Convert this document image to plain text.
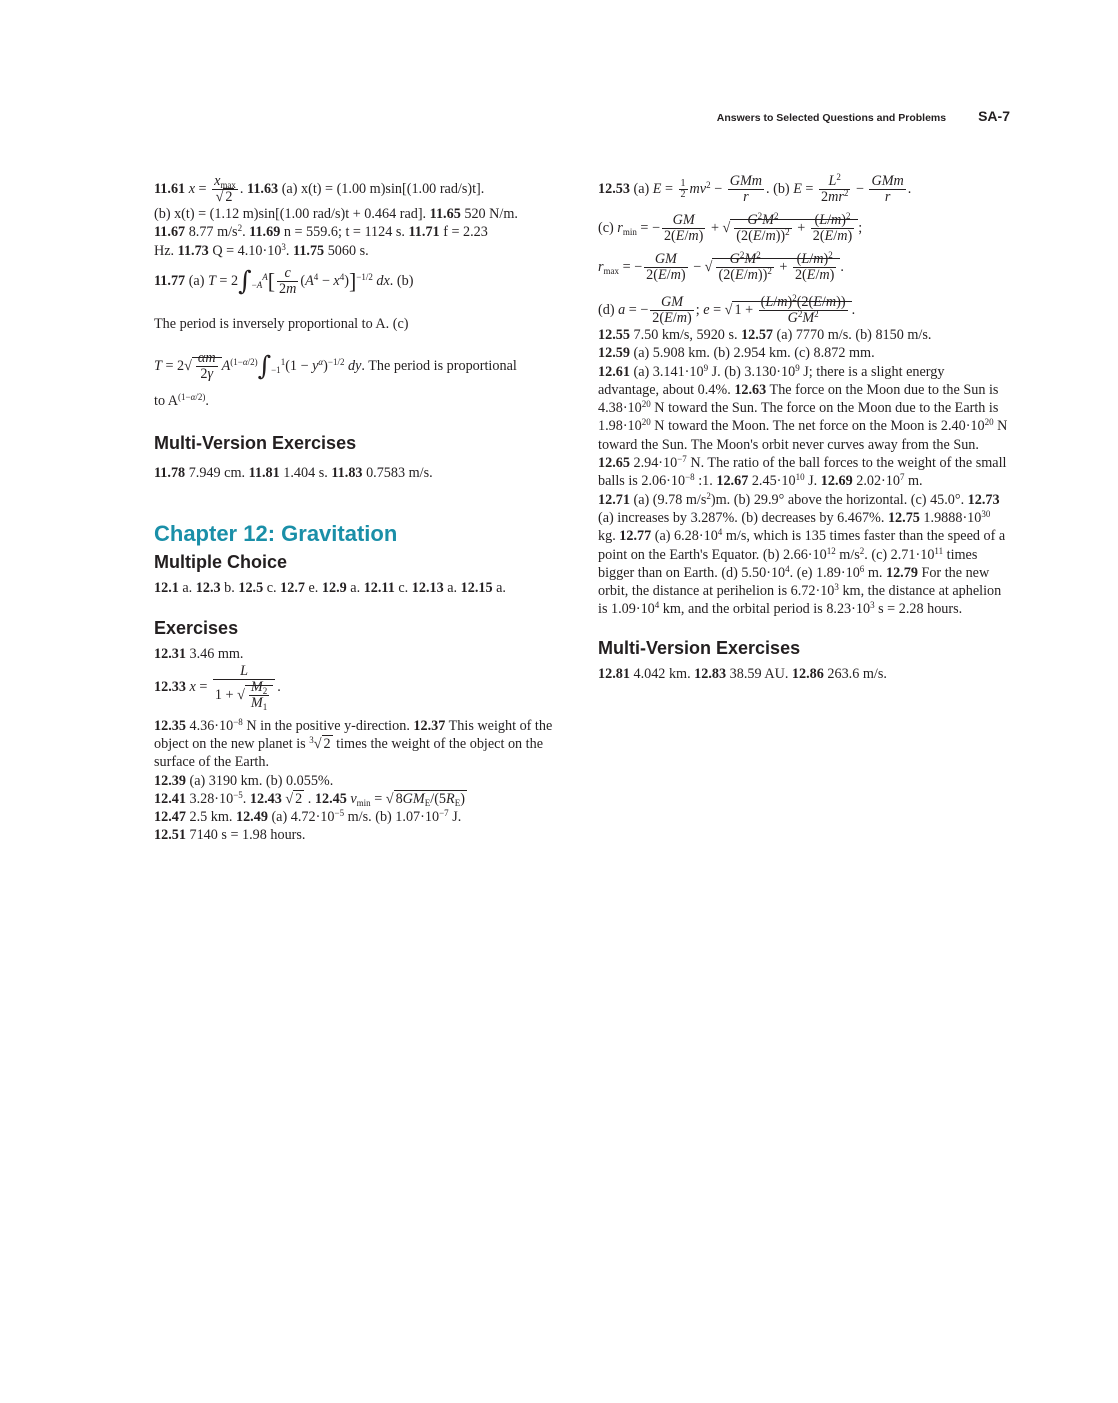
Answers to Selected Questions and Problems SA-7
11.61 $x = \frac{x_{max}}{√ 2}$ . 11.63 (a) x(t) = (1.00 m)sin[(1.00 rad/s)t].
(b) x(t) = (1.12 m)sin[(1.00 rad/s)t + 0.464 rad]. 11.65 520 N/m.
11.67 8.77 $m/s^2$. 11.69 n = 559.6; t = 1124 s. 11.71 f = 2.23
Hz. 11.73 $Q = 4.10\cdot 10^3$. 11.75 5060 s.
11.77 (a) $T = 2\int_{-A}^A[ \frac{c}{2m} (A^4 - x^4)]^{-1/2}$ dx. (b)
The period is inversely proportional to A. (c)
$T = 2√ \frac{\alpha m}{2\gamma} A^{(1-\alpha/2)}\int_{-1}^1(1 - y^\alpha)^{-1/2}$ dy. The period is proportional
to $A^{(1-\alpha/2)}$.
Multi-Version Exercises
11.78 7.949 cm. 11.81 1.404 s. 11.83 0.7583 m/s.
Chapter 12: Gravitation
Multiple Choice
12.1 a. 12.3 b. 12.5 c. 12.7 e. 12.9 a. 12.11 c. 12.13 a. 12.15 a.
Exercises
12.31 3.46 mm.
12.33 $x = \frac{L}{1 + √ \frac{M_2}{M_1}}$ .
12.35 $4.36\cdot 10^{-8}$ N in the positive y-direction. 12.37 This weight of the object on the new planet is $^3$√ 2 times the weight of the object on the surface of the Earth.
12.39 (a) 3190 km. (b) 0.055%.
12.41 $3.28\cdot 10^{-5}$. 12.43 √ 2 . 12.45 $v_{min}$ = √ $8GM_E/(5R_E)$
12.47 2.5 km. 12.49 (a) $4.72\cdot 10^{-5}$ m/s. (b) $1.07\cdot 10^{-7}$ J.
12.51 7140 s = 1.98 hours.
12.53 (a) $E = \frac{1}{2} mv^2 - \frac{\text{GMm}}{r}$ . (b) $E = \frac{L^2}{2mr^2} - \frac{\text{GMm}}{r}$ .
(c) $r_{min}$ = − $\frac{GM}{2(E/m)}$ + √ $\frac{G^2M^2}{(2(E/m))^2} + \frac{(L/m)^2}{2(E/m)}$ ;
$r_{max}$ = − $\frac{GM}{2(E/m)}$ − √ $\frac{G^2M^2}{(2(E/m))^2} + \frac{(L/m)^2}{2(E/m)}$ .
(d) a = − $\frac{GM}{2(E/m)}$ ; e = √ $1 + \frac{(L/m)^2(2(E/m))}{G^2M^2}$ .
12.55 7.50 km/s, 5920 s. 12.57 (a) 7770 m/s. (b) 8150 m/s.
12.59 (a) 5.908 km. (b) 2.954 km. (c) 8.872 mm.
12.61 (a) $3.141\cdot 10^9$ J. (b) $3.130\cdot 10^9$ J; there is a slight energy advantage, about 0.4%. 12.63 The force on the Moon due to the Sun is $4.38\cdot 10^{20}$ N toward the Sun. The force on the Moon due to the Earth is $1.98\cdot 10^{20}$ N toward the Moon. The net force on the Moon is $2.40\cdot 10^{20}$ N toward the Sun. The Moon's orbit never curves away from the Sun. 12.65 $2.94\cdot 10^{-7}$ N. The ratio of the ball forces to the weight of the small balls is $2.06\cdot 10^{-8}$ :1. 12.67 $2.45\cdot 10^{10}$ J. 12.69 $2.02\cdot 10^7$ m.
12.71 (a) (9.78 $m/s^2)m$. (b) 29.9° above the horizontal. (c) 45.0°. 12.73 (a) increases by 3.287%. (b) decreases by 6.467%. 12.75 $1.9888\cdot 10^{30}$ kg. 12.77 (a) $6.28\cdot 10^4$ m/s, which is 135 times faster than the speed of a point on the Earth's Equator. (b) $2.66\cdot 10^{12}$ $m/s^2$. (c) $2.71\cdot 10^{11}$ times bigger than on Earth. (d) $5.50\cdot 10^4$. (e) $1.89\cdot 10^6$ m. 12.79 For the new orbit, the distance at perihelion is $6.72\cdot 10^3$ km, the distance at aphelion is $1.09\cdot 10^4$ km, and the orbital period is $8.23\cdot 10^3$ s = 2.28 hours.
Multi-Version Exercises
12.81 4.042 km. 12.83 38.59 AU. 12.86 263.6 m/s.
